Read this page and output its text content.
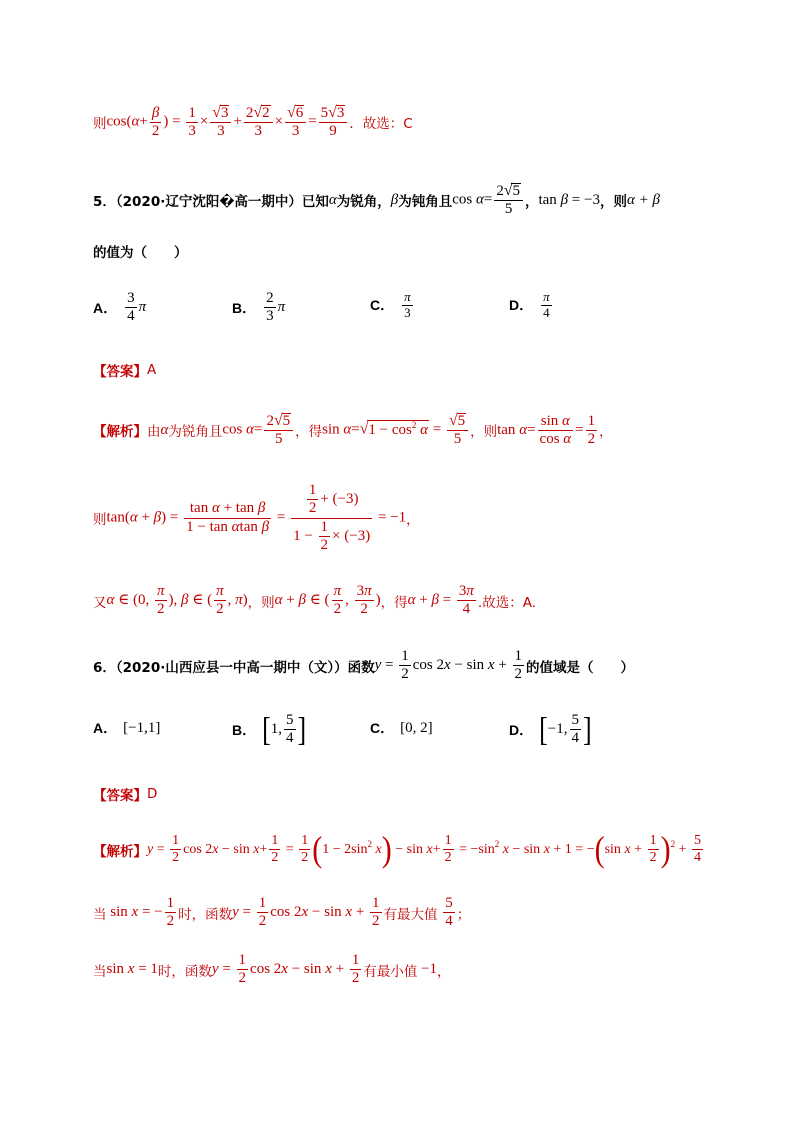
则 $\cos(\alpha+ \frac{\beta}{2}$ ) = $\frac{1}{3} \times \frac{√3}{3} + \frac{2√2}{3} \times \frac{√6}{3} = \frac{5√3}{9}$ ．故选：C
5．（2020·辽宁沈阳�高一期中）已知 α 为锐角， β 为钝角且 $\cos \alpha= \frac{2√5}{5}$ ， tan β = −3 ，则 α + β
的值为（　　）
A． $\frac{3}{4}$ π	B． $\frac{2}{3}$ π	C． $\frac{\pi}{3}$	D． $\frac{\pi}{4}$
【答案】 A
【解析】 由 α 为锐角且 $\cos \alpha= \frac{2√5}{5}$ ，得 $\sin \alpha=√1 - \cos^2 \alpha = \frac{√5}{5}$ ，则 $\tan \alpha= \frac{\text{sin α}}{\text{cos α}} = \frac{1}{2}$ ，
则 $\tan(\alpha + \beta) = \frac{\text{tan α + tan β}}{\text{1 − tan αtan β}} = \frac{\frac{1}{2} + (-3)}{1 - \frac{1}{2} \times (-3)} = -1$ ，
又 α ∈ (0, $\frac{\pi}{2}$ ), β ∈ ( $\frac{\pi}{2}$ , π) ，则 α + β ∈ ( $\frac{\pi}{2}$ , $\frac{3\pi}{2}$ ) ，得 $\alpha + \beta = \frac{3\pi}{4}$ .故选：A.
6．（2020·山西应县一中高一期中（文））函数 $y = \frac{1}{2}$ $\cos 2x - \sin x + \frac{1}{2}$ 的值域是（　　）
A． [−1,1]	B． [1, $\frac{5}{4}$ ]	C． [0, 2]	D． [−1, $\frac{5}{4}$ ]
【答案】 D
【解析】 $y = \frac{1}{2}$ $\cos 2x - \sin x+ \frac{1}{2} = \frac{1}{2} (1 - 2\sin^2$ $x) - \sin x+ \frac{1}{2} = -\sin^2$ x − sin x + 1 = −(sin $x + \frac{1}{2} )^2 + \frac{5}{4}$
当 sin x = − $\frac{1}{2}$ 时，函数 $y = \frac{1}{2}$ $\cos 2x - \sin x + \frac{1}{2}$ 有最大值
$\frac{5}{4}$ ；
当 sin x = 1 时，函数 $y = \frac{1}{2}$ $\cos 2x - \sin x + \frac{1}{2}$ 有最小值 −1 ，
